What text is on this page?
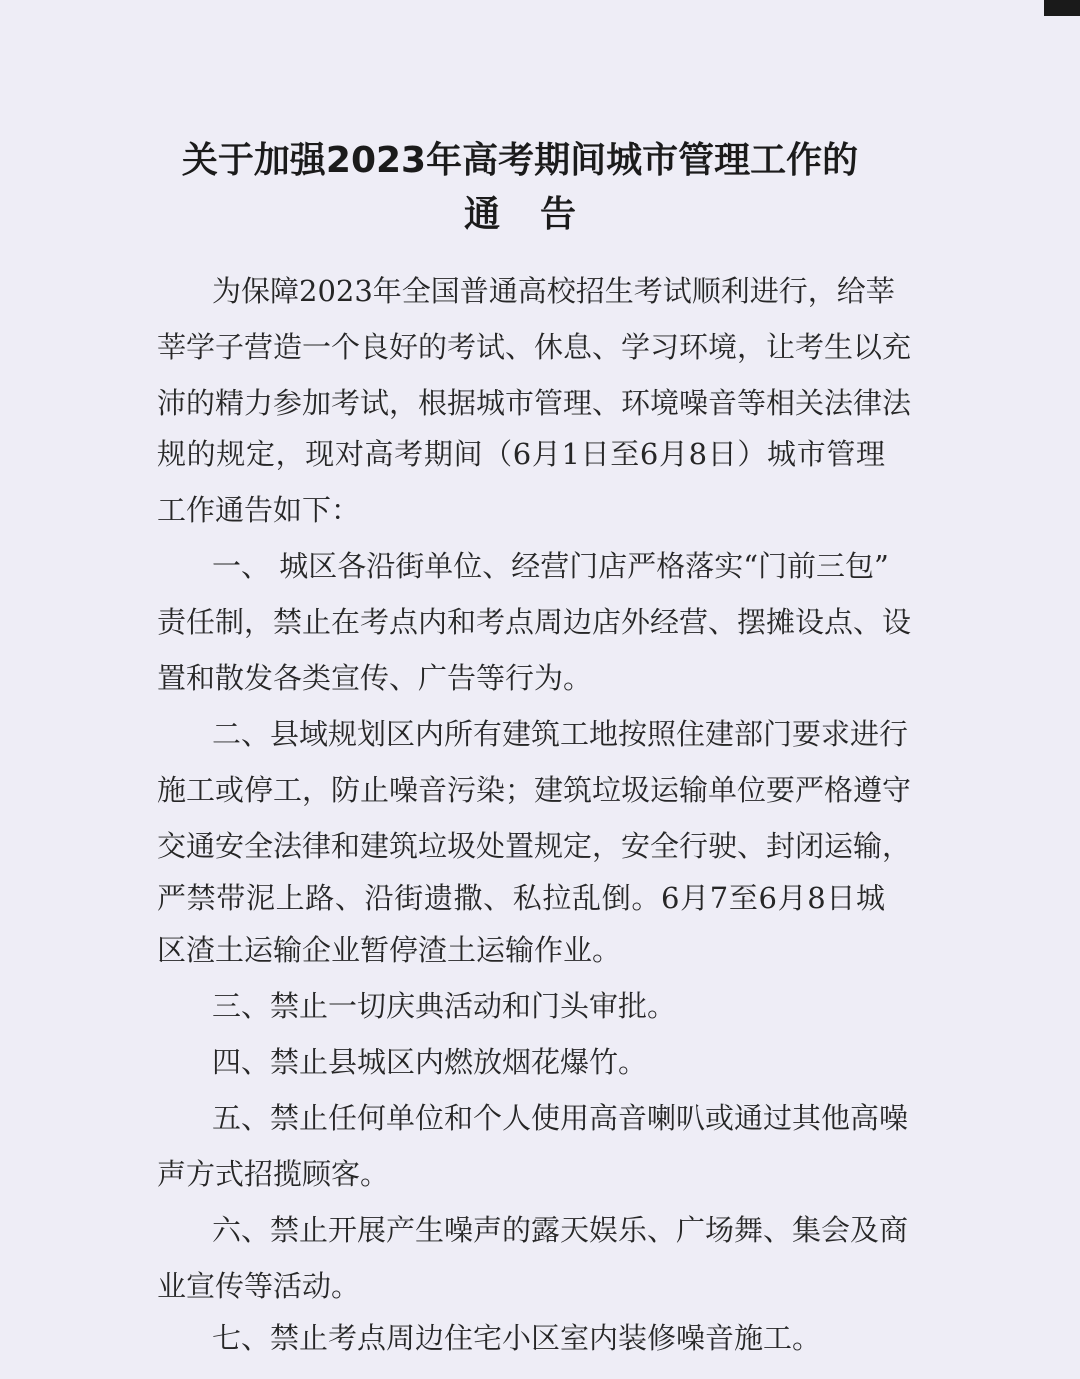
关于加强2023年高考期间城市管理工作的
通告
为保障2023年全国普通高校招生考试顺利进行，给莘
莘学子营造一个良好的考试、休息、学习环境，让考生以充
沛的精力参加考试，根据城市管理、环境噪音等相关法律法
规的规定，现对高考期间（6月1日至6月8日）城市管理
工作通告如下：
一、 城区各沿街单位、经营门店严格落实“门前三包”
责任制，禁止在考点内和考点周边店外经营、摆摊设点、设
置和散发各类宣传、广告等行为。
二、县域规划区内所有建筑工地按照住建部门要求进行
施工或停工，防止噪音污染；建筑垃圾运输单位要严格遵守
交通安全法律和建筑垃圾处置规定，安全行驶、封闭运输，
严禁带泥上路、沿街遗撒、私拉乱倒。6月7至6月8日城
区渣土运输企业暂停渣土运输作业。
三、禁止一切庆典活动和门头审批。
四、禁止县城区内燃放烟花爆竹。
五、禁止任何单位和个人使用高音喇叭或通过其他高噪
声方式招揽顾客。
六、禁止开展产生噪声的露天娱乐、广场舞、集会及商
业宣传等活动。
七、禁止考点周边住宅小区室内装修噪音施工。
